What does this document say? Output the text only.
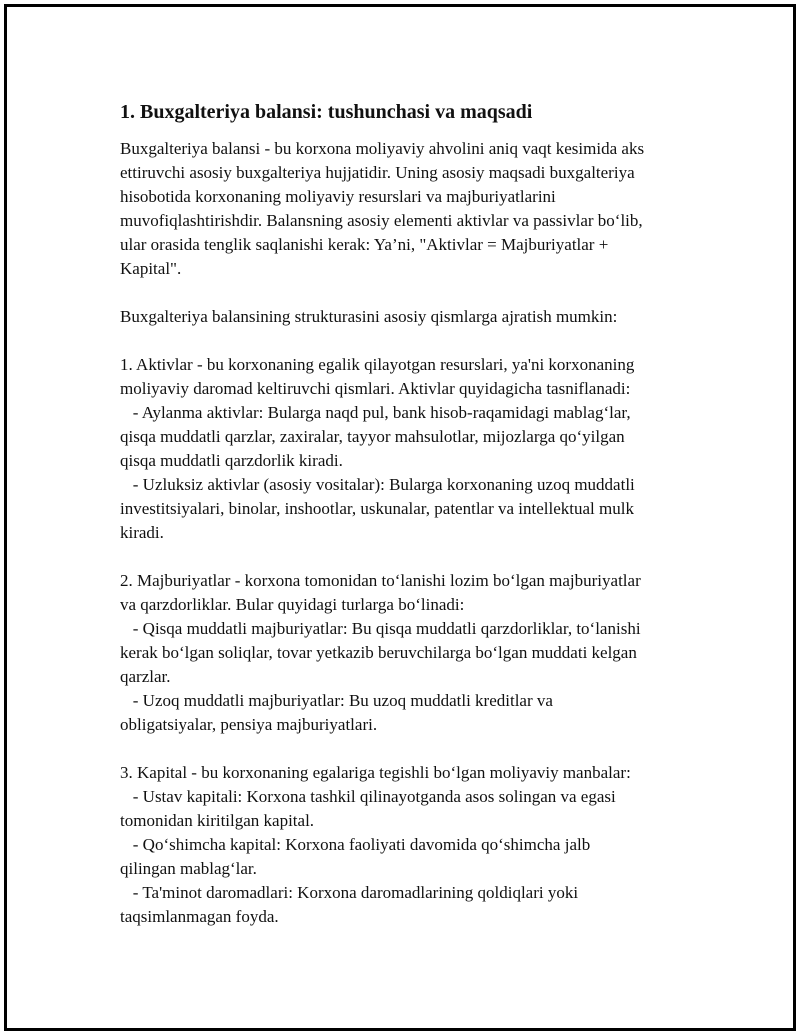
1. Buxgalteriya balansi: tushunchasi va maqsadi

Buxgalteriya balansi - bu korxona moliyaviy ahvolini aniq vaqt kesimida aks

ettiruvchi asosiy buxgalteriya hujjatidir. Uning asosiy maqsadi buxgalteriya

hisobotida korxonaning moliyaviy resurslari va majburiyatlarini

muvofiqlashtirishdir. Balansning asosiy elementi aktivlar va passivlar bo‘lib,

ular orasida tenglik saqlanishi kerak: Ya’ni, "Aktivlar = Majburiyatlar +

Kapital".

Buxgalteriya balansining strukturasini asosiy qismlarga ajratish mumkin:

1. Aktivlar - bu korxonaning egalik qilayotgan resurslari, ya'ni korxonaning

moliyaviy daromad keltiruvchi qismlari. Aktivlar quyidagicha tasniflanadi:

- Aylanma aktivlar: Bularga naqd pul, bank hisob-raqamidagi mablag‘lar,

qisqa muddatli qarzlar, zaxiralar, tayyor mahsulotlar, mijozlarga qo‘yilgan

qisqa muddatli qarzdorlik kiradi.

- Uzluksiz aktivlar (asosiy vositalar): Bularga korxonaning uzoq muddatli

investitsiyalari, binolar, inshootlar, uskunalar, patentlar va intellektual mulk

kiradi.

2. Majburiyatlar - korxona tomonidan to‘lanishi lozim bo‘lgan majburiyatlar

va qarzdorliklar. Bular quyidagi turlarga bo‘linadi:

- Qisqa muddatli majburiyatlar: Bu qisqa muddatli qarzdorliklar, to‘lanishi

kerak bo‘lgan soliqlar, tovar yetkazib beruvchilarga bo‘lgan muddati kelgan

qarzlar.

- Uzoq muddatli majburiyatlar: Bu uzoq muddatli kreditlar va

obligatsiyalar, pensiya majburiyatlari.

3. Kapital - bu korxonaning egalariga tegishli bo‘lgan moliyaviy manbalar:

- Ustav kapitali: Korxona tashkil qilinayotganda asos solingan va egasi

tomonidan kiritilgan kapital.

- Qo‘shimcha kapital: Korxona faoliyati davomida qo‘shimcha jalb

qilingan mablag‘lar.

- Ta'minot daromadlari: Korxona daromadlarining qoldiqlari yoki

taqsimlanmagan foyda.
